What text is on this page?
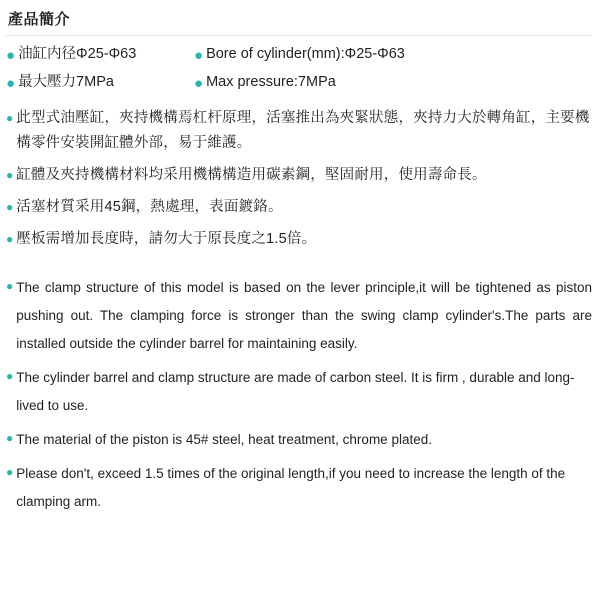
產品簡介
● 油缸内径Φ25-Φ63	● Bore of cylinder(mm):Φ25-Φ63
● 最大壓力7MPa	● Max pressure:7MPa
● 此型式油壓缸，夾持機構焉杠杆原理，活塞推出為夾緊狀態，夾持力大於轉角缸，主要機構零件安裝開缸體外部，易于維護。
● 缸體及夾持機構材料均采用機構構造用碳素鋼，堅固耐用，使用壽命長。
● 活塞材質采用45鋼，熱處理，表面鍍鉻。
● 壓板需增加長度時，請勿大于原長度之1.5倍。
● The clamp structure of this model is based on the lever principle,it will be tightened as piston pushing out. The clamping force is stronger than the swing clamp cylinder's.The parts are installed outside the cylinder barrel for maintaining easily.
● The cylinder barrel and clamp structure are made of carbon steel. It is firm , durable and long-lived to use.
● The material of the piston is 45# steel, heat treatment, chrome plated.
● Please don't, exceed 1.5 times of the original length,if you need to increase the length of the clamping arm.
